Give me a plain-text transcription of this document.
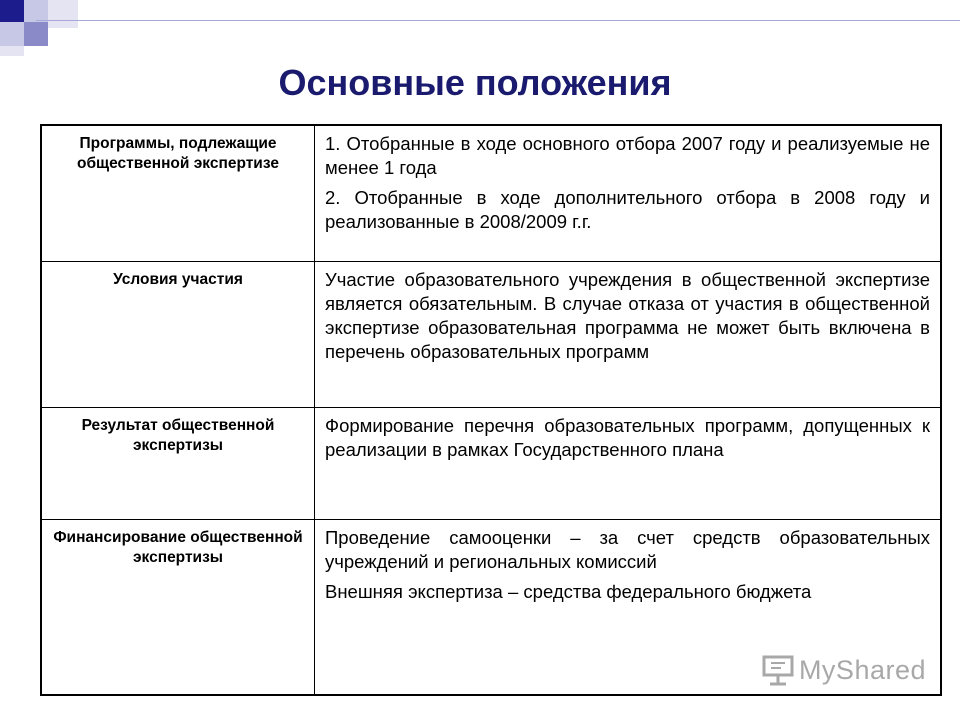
Основные положения
Программы, подлежащие общественной экспертизе	1. Отобранные в ходе основного отбора 2007 году и реализуемые не менее 1 года

2. Отобранные в ходе дополнительного отбора в 2008 году и реализованные в 2008/2009 г.г.

Условия участия	Участие образовательного учреждения в общественной экспертизе является обязательным. В случае отказа от участия в общественной экспертизе образовательная программа не может быть включена в перечень образовательных программ

Результат общественной экспертизы	Формирование перечня образовательных программ, допущенных к реализации в рамках Государственного плана

Финансирование общественной экспертизы	Проведение самооценки – за счет средств образовательных учреждений и региональных комиссий

Внешняя экспертиза – средства федерального бюджета

MyShared
